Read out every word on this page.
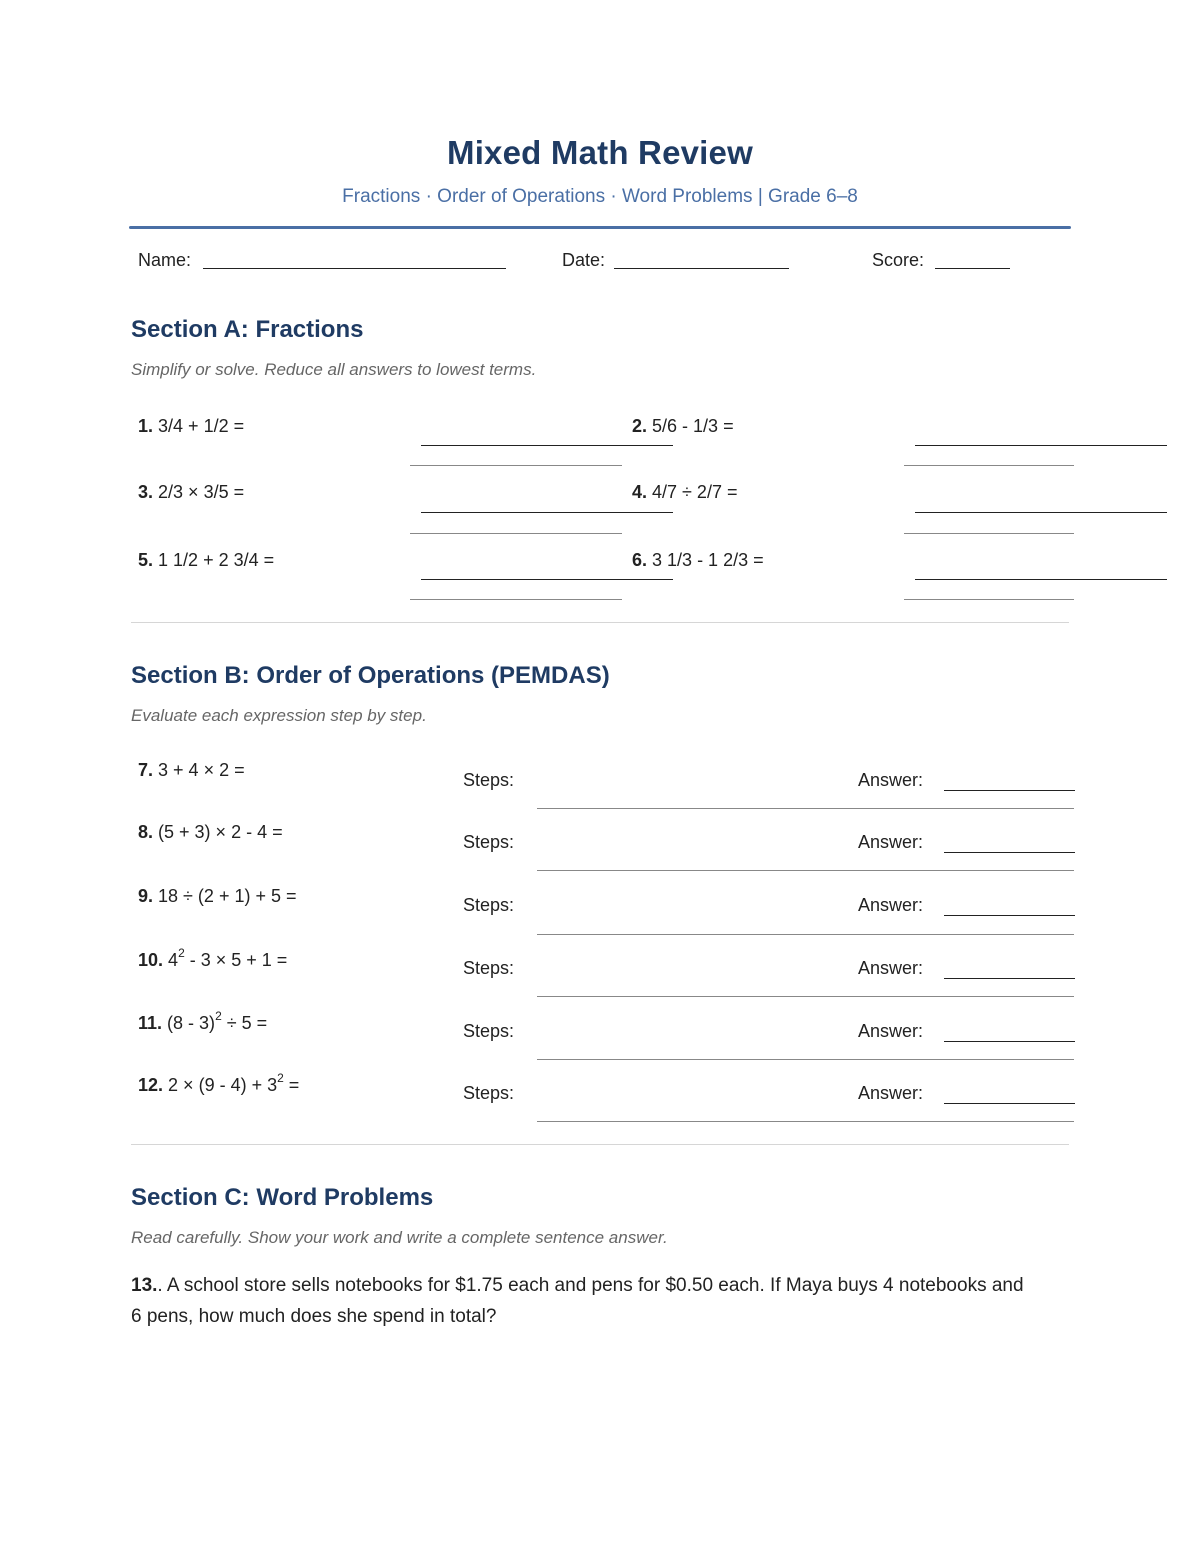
Mixed Math Review
Fractions · Order of Operations · Word Problems | Grade 6–8
Name:	Date:	Score:
Section A: Fractions
Simplify or solve. Reduce all answers to lowest terms.
1. 3/4 + 1/2 =	2. 5/6 - 1/3 =
3. 2/3 × 3/5 =	4. 4/7 ÷ 2/7 =
5. 1 1/2 + 2 3/4 =	6. 3 1/3 - 1 2/3 =
Section B: Order of Operations (PEMDAS)
Evaluate each expression step by step.
7. 3 + 4 × 2 =	Steps:	Answer:
8. (5 + 3) × 2 - 4 =	Steps:	Answer:
9. 18 ÷ (2 + 1) + 5 =	Steps:	Answer:
10. $4^2 - 3 \times 5 + 1$ =	Steps:	Answer:
11. (8 - 3)$^2$ ÷ 5 =	Steps:	Answer:
12. $2 \times (9 - 4) + 3^2$ =	Steps:	Answer:
Section C: Word Problems
Read carefully. Show your work and write a complete sentence answer.
13.. A school store sells notebooks for $1.75 each and pens for $0.50 each. If Maya buys 4 notebooks and 6 pens, how much does she spend in total?
